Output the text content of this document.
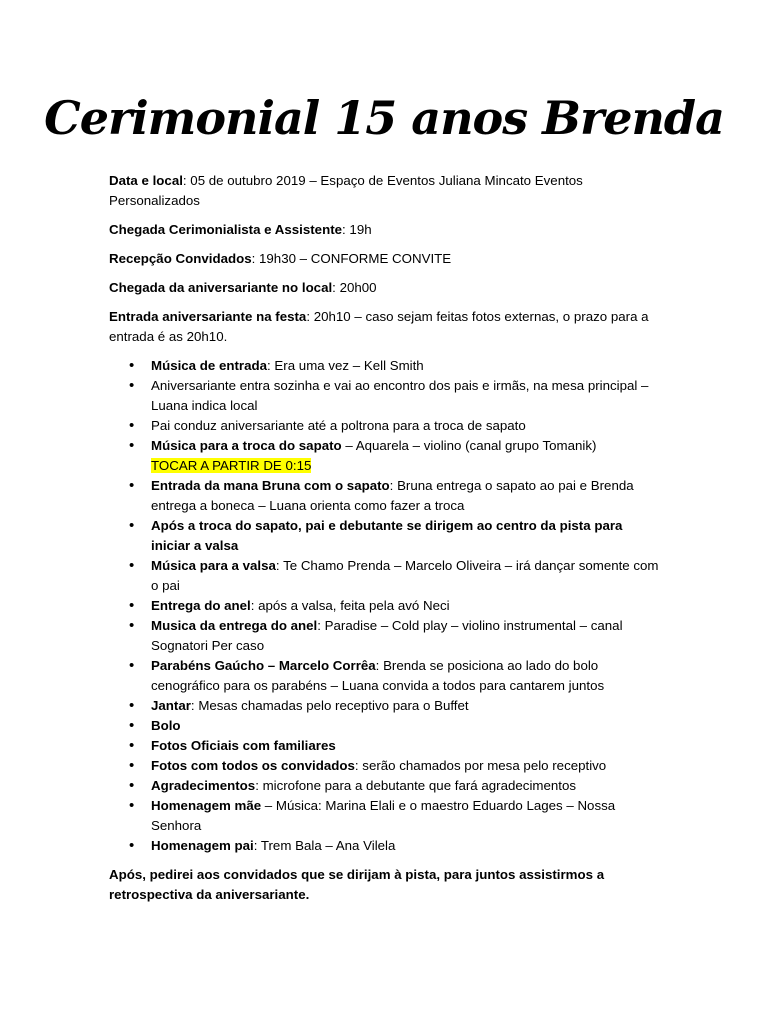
Cerimonial 15 anos Brenda

Data e local: 05 de outubro 2019 – Espaço de Eventos Juliana Mincato Eventos Personalizados

Chegada Cerimonialista e Assistente: 19h

Recepção Convidados: 19h30 – CONFORME CONVITE

Chegada da aniversariante no local: 20h00

Entrada aniversariante na festa: 20h10 – caso sejam feitas fotos externas, o prazo para a entrada é as 20h10.

• Música de entrada: Era uma vez – Kell Smith
• Aniversariante entra sozinha e vai ao encontro dos pais e irmãs, na mesa principal – Luana indica local
• Pai conduz aniversariante até a poltrona para a troca de sapato
• Música para a troca do sapato – Aquarela – violino (canal grupo Tomanik)
TOCAR A PARTIR DE 0:15
• Entrada da mana Bruna com o sapato: Bruna entrega o sapato ao pai e Brenda entrega a boneca – Luana orienta como fazer a troca
• Após a troca do sapato, pai e debutante se dirigem ao centro da pista para iniciar a valsa
• Música para a valsa: Te Chamo Prenda – Marcelo Oliveira – irá dançar somente com o pai
• Entrega do anel: após a valsa, feita pela avó Neci
• Musica da entrega do anel: Paradise – Cold play – violino instrumental – canal Sognatori Per caso
• Parabéns Gaúcho – Marcelo Corrêa: Brenda se posiciona ao lado do bolo cenográfico para os parabéns – Luana convida a todos para cantarem juntos
• Jantar: Mesas chamadas pelo receptivo para o Buffet
• Bolo
• Fotos Oficiais com familiares
• Fotos com todos os convidados: serão chamados por mesa pelo receptivo
• Agradecimentos: microfone para a debutante que fará agradecimentos
• Homenagem mãe – Música: Marina Elali e o maestro Eduardo Lages – Nossa Senhora
• Homenagem pai: Trem Bala – Ana Vilela

Após, pedirei aos convidados que se dirijam à pista, para juntos assistirmos a retrospectiva da aniversariante.
